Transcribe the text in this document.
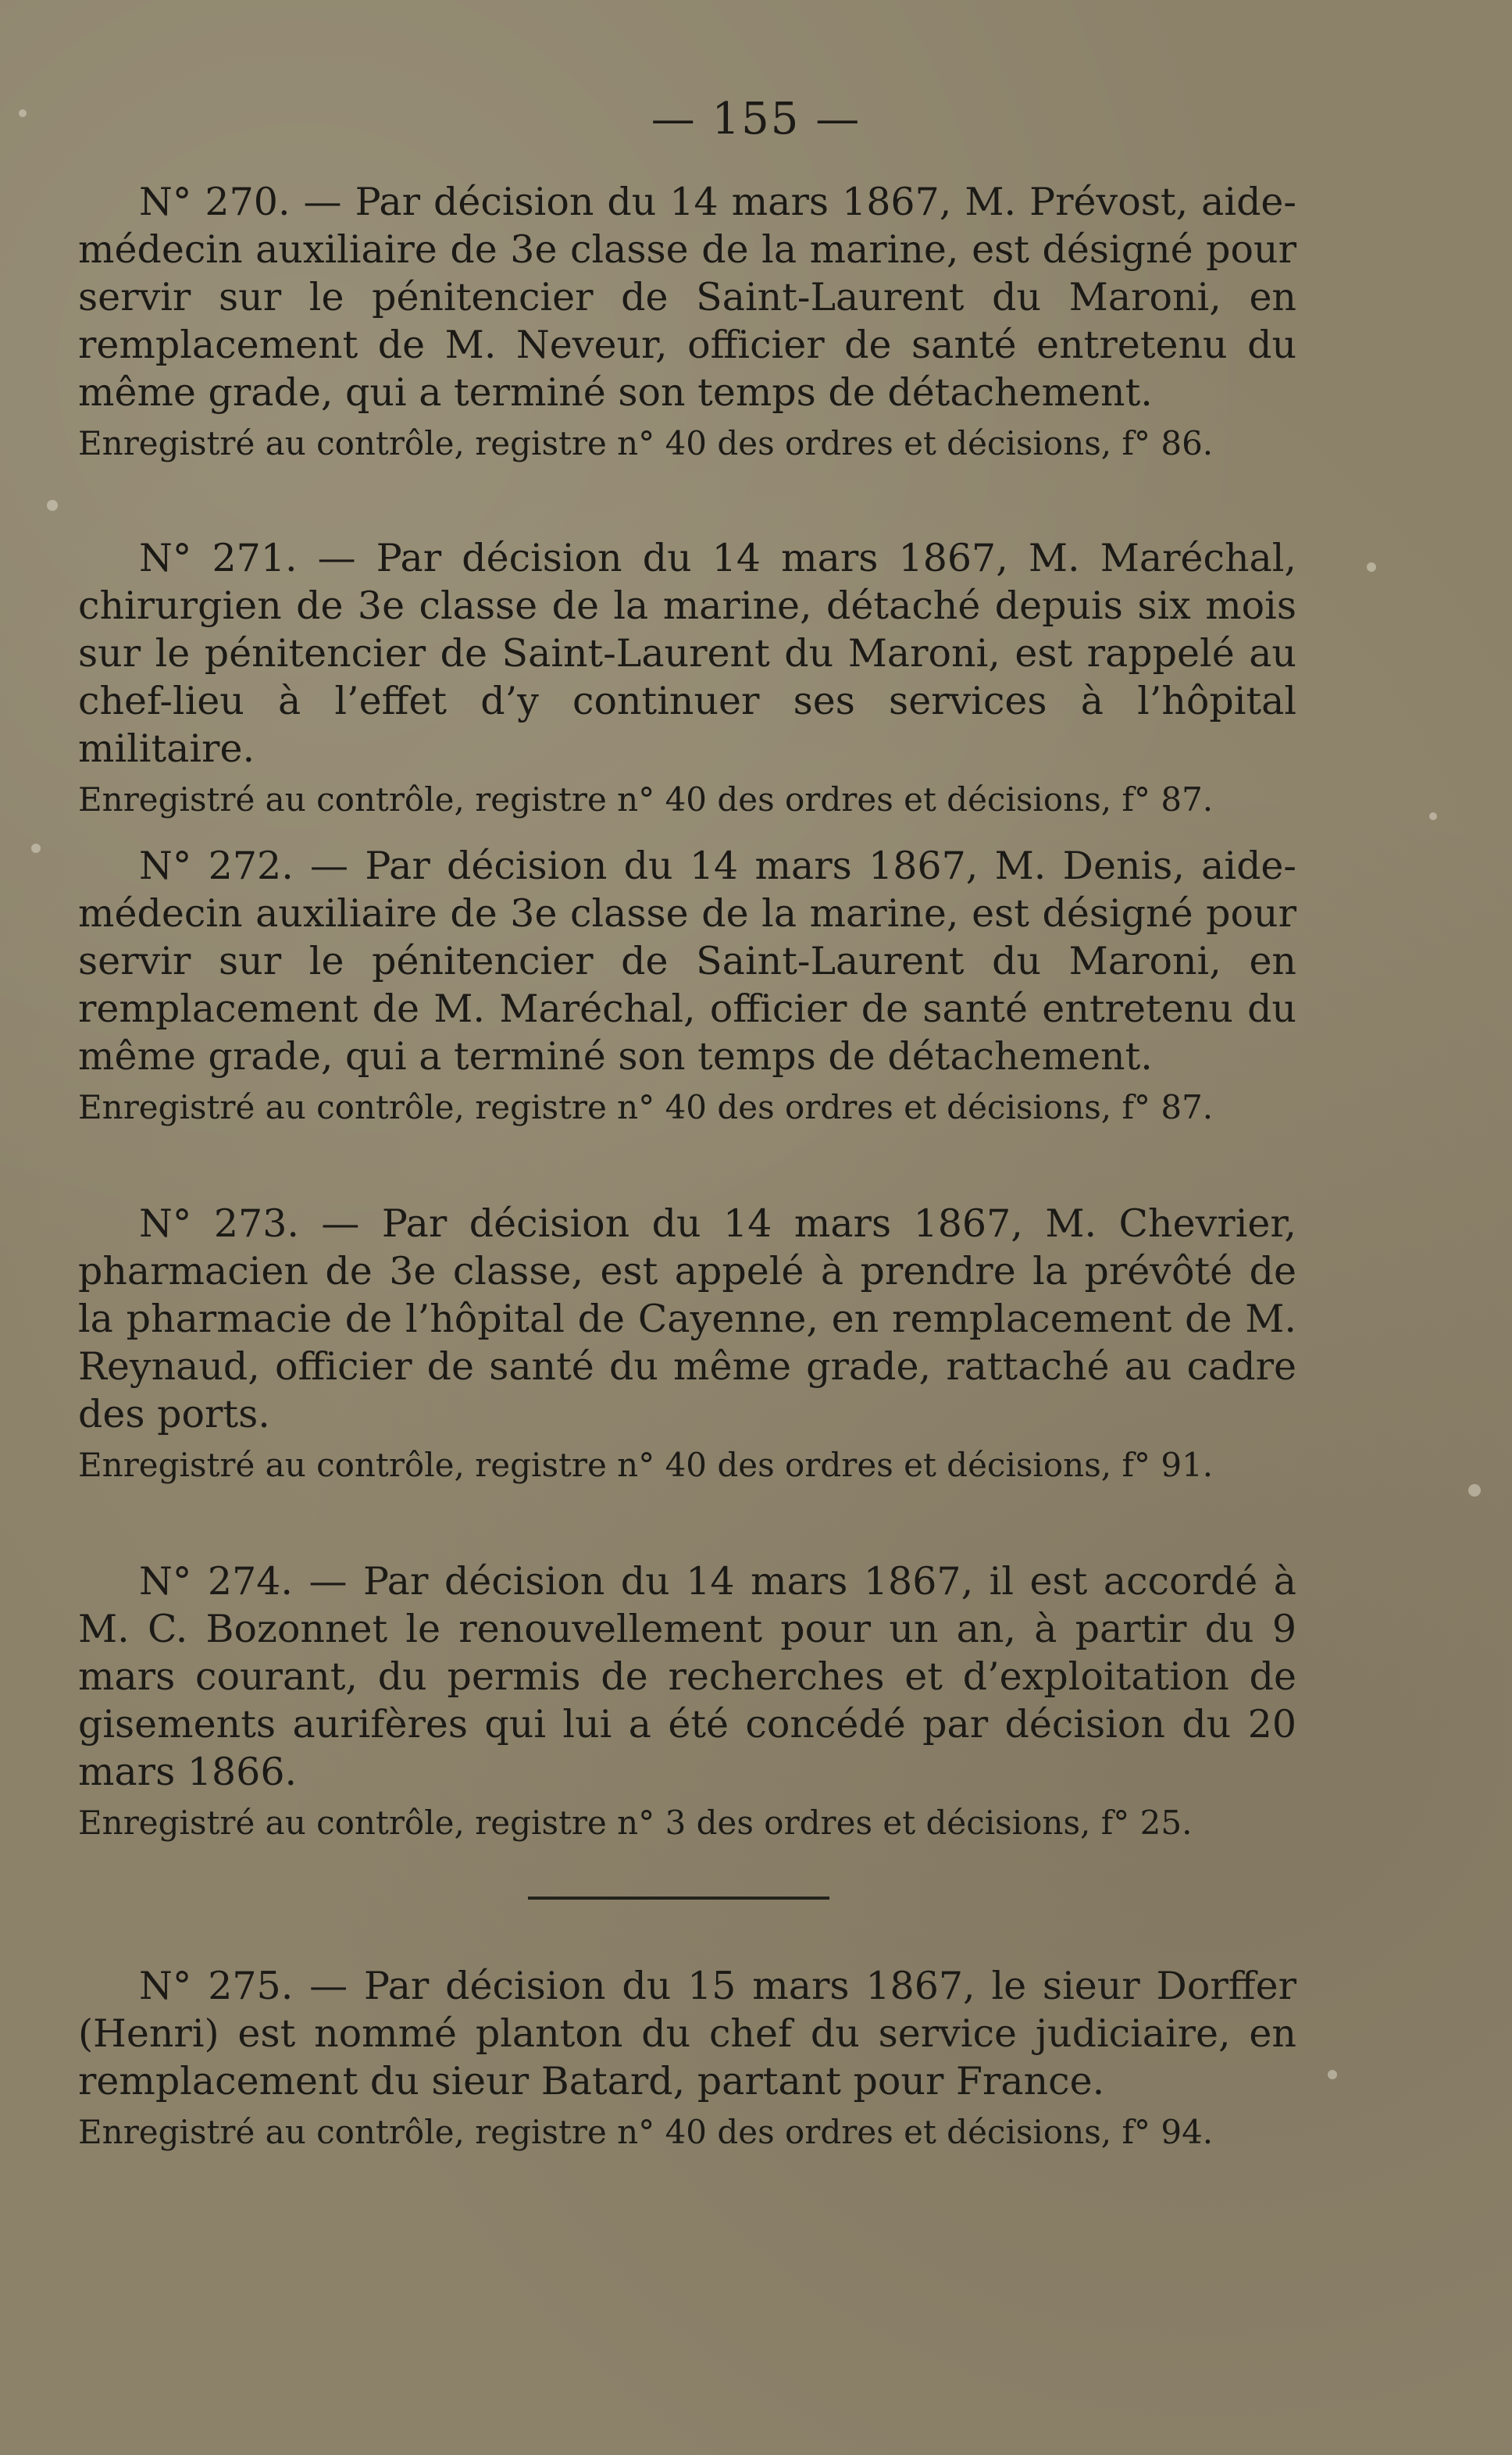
— 155 —

N° 270. — Par décision du 14 mars 1867, M. Prévost, aide-médecin auxiliaire de 3e classe de la marine, est désigné pour servir sur le pénitencier de Saint-Laurent du Maroni, en remplacement de M. Neveur, officier de santé entretenu du même grade, qui a terminé son temps de détachement.

Enregistré au contrôle, registre n° 40 des ordres et décisions, f° 86.

N° 271. — Par décision du 14 mars 1867, M. Maréchal, chirurgien de 3e classe de la marine, détaché depuis six mois sur le pénitencier de Saint-Laurent du Maroni, est rappelé au chef-lieu à l’effet d’y continuer ses services à l’hôpital militaire.

Enregistré au contrôle, registre n° 40 des ordres et décisions, f° 87.

N° 272. — Par décision du 14 mars 1867, M. Denis, aide-médecin auxiliaire de 3e classe de la marine, est désigné pour servir sur le pénitencier de Saint-Laurent du Maroni, en remplacement de M. Maréchal, officier de santé entretenu du même grade, qui a terminé son temps de détachement.

Enregistré au contrôle, registre n° 40 des ordres et décisions, f° 87.

N° 273. — Par décision du 14 mars 1867, M. Chevrier, pharmacien de 3e classe, est appelé à prendre la prévôté de la pharmacie de l’hôpital de Cayenne, en remplacement de M. Reynaud, officier de santé du même grade, rattaché au cadre des ports.

Enregistré au contrôle, registre n° 40 des ordres et décisions, f° 91.

N° 274. — Par décision du 14 mars 1867, il est accordé à M. C. Bozonnet le renouvellement pour un an, à partir du 9 mars courant, du permis de recherches et d’exploitation de gisements aurifères qui lui a été concédé par décision du 20 mars 1866.

Enregistré au contrôle, registre n° 3 des ordres et décisions, f° 25.

N° 275. — Par décision du 15 mars 1867, le sieur Dorffer (Henri) est nommé planton du chef du service judiciaire, en remplacement du sieur Batard, partant pour France.

Enregistré au contrôle, registre n° 40 des ordres et décisions, f° 94.
